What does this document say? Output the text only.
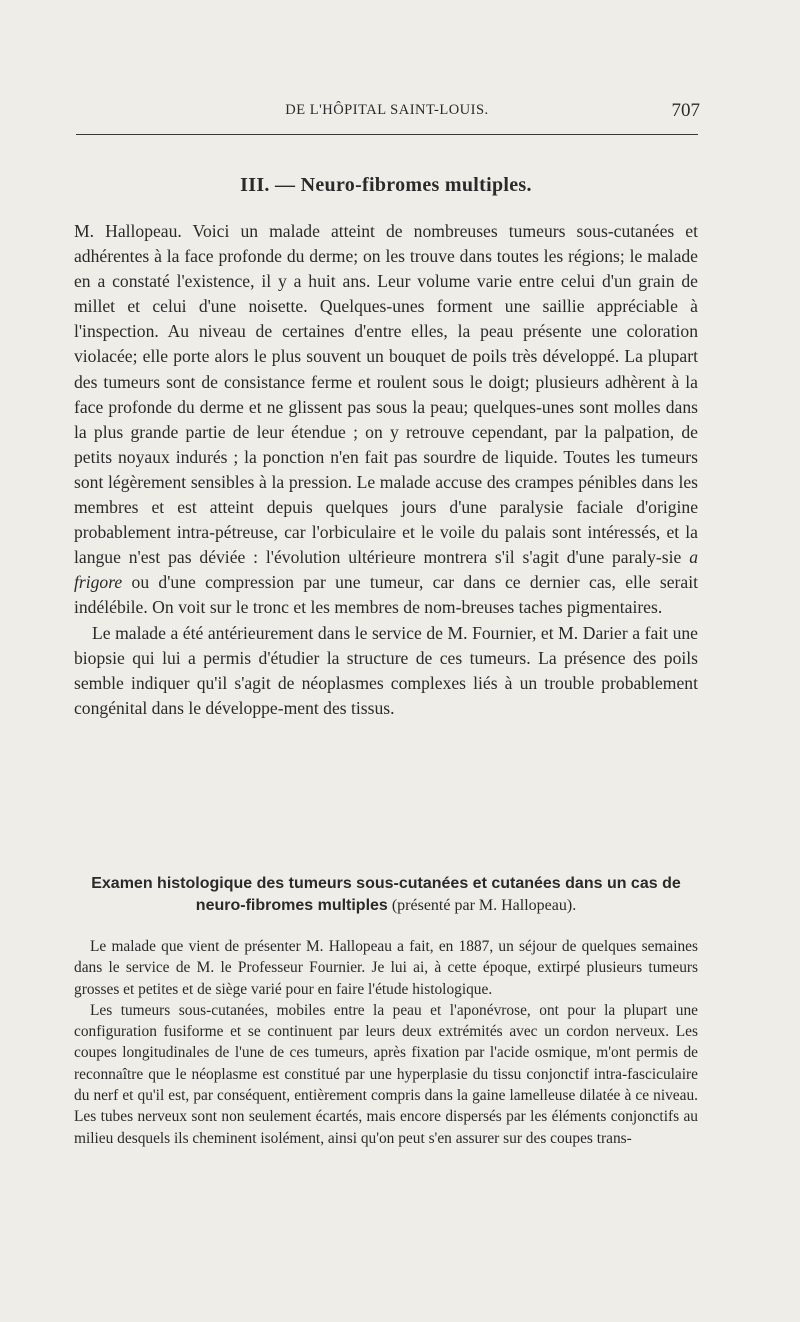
DE L'HÔPITAL SAINT-LOUIS.	707
III. — Neuro-fibromes multiples.

M. Hallopeau. Voici un malade atteint de nombreuses tumeurs sous-cutanées et adhérentes à la face profonde du derme; on les trouve dans toutes les régions; le malade en a constaté l'existence, il y a huit ans. Leur volume varie entre celui d'un grain de millet et celui d'une noisette. Quelques-unes forment une saillie appréciable à l'inspection. Au niveau de certaines d'entre elles, la peau présente une coloration violacée; elle porte alors le plus souvent un bouquet de poils très développé. La plupart des tumeurs sont de consistance ferme et roulent sous le doigt; plusieurs adhèrent à la face profonde du derme et ne glissent pas sous la peau; quelques-unes sont molles dans la plus grande partie de leur étendue ; on y retrouve cependant, par la palpation, de petits noyaux indurés ; la ponction n'en fait pas sourdre de liquide. Toutes les tumeurs sont légèrement sensibles à la pression. Le malade accuse des crampes pénibles dans les membres et est atteint depuis quelques jours d'une paralysie faciale d'origine probablement intra-pétreuse, car l'orbiculaire et le voile du palais sont intéressés, et la langue n'est pas déviée : l'évolution ultérieure montrera s'il s'agit d'une paraly-sie a frigore ou d'une compression par une tumeur, car dans ce dernier cas, elle serait indélébile. On voit sur le tronc et les membres de nom-breuses taches pigmentaires.

Le malade a été antérieurement dans le service de M. Fournier, et M. Darier a fait une biopsie qui lui a permis d'étudier la structure de ces tumeurs. La présence des poils semble indiquer qu'il s'agit de néoplasmes complexes liés à un trouble probablement congénital dans le développe-ment des tissus.

Examen histologique des tumeurs sous-cutanées et cutanées dans un cas de neuro-fibromes multiples (présenté par M. Hallopeau).

Le malade que vient de présenter M. Hallopeau a fait, en 1887, un séjour de quelques semaines dans le service de M. le Professeur Fournier. Je lui ai, à cette époque, extirpé plusieurs tumeurs grosses et petites et de siège varié pour en faire l'étude histologique.

Les tumeurs sous-cutanées, mobiles entre la peau et l'aponévrose, ont pour la plupart une configuration fusiforme et se continuent par leurs deux extrémités avec un cordon nerveux. Les coupes longitudinales de l'une de ces tumeurs, après fixation par l'acide osmique, m'ont permis de reconnaître que le néoplasme est constitué par une hyperplasie du tissu conjonctif intra-fasciculaire du nerf et qu'il est, par conséquent, entièrement compris dans la gaine lamelleuse dilatée à ce niveau. Les tubes nerveux sont non seulement écartés, mais encore dispersés par les éléments conjonctifs au milieu desquels ils cheminent isolément, ainsi qu'on peut s'en assurer sur des coupes trans-
